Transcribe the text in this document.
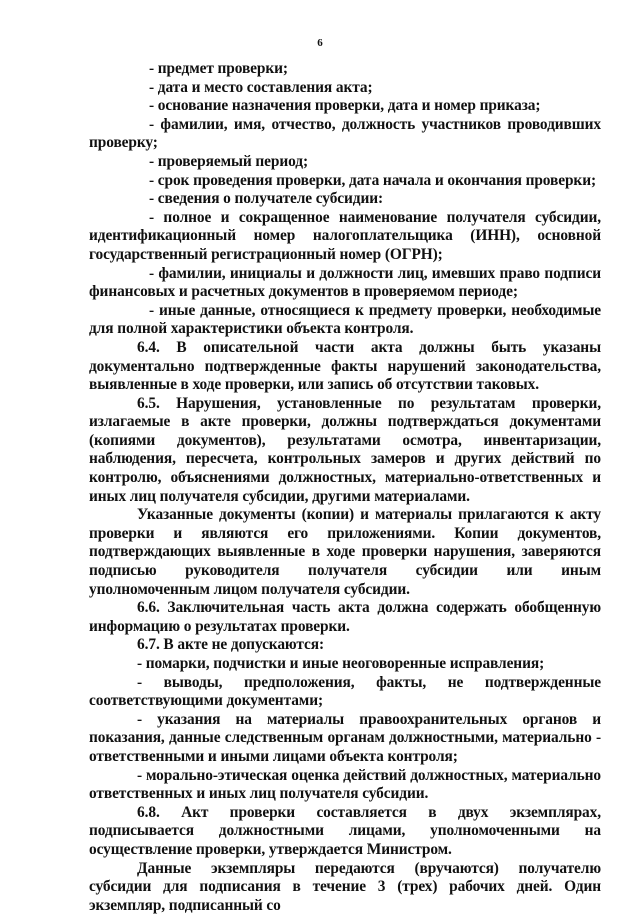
6

- предмет проверки;

- дата и место составления акта;

- основание назначения проверки, дата и номер приказа;

- фамилии, имя, отчество, должность участников проводивших проверку;

- проверяемый период;

- срок проведения проверки, дата начала и окончания проверки;

- сведения о получателе субсидии:

- полное и сокращенное наименование получателя субсидии, идентификационный номер налогоплательщика (ИНН), основной государственный регистрационный номер (ОГРН);

- фамилии, инициалы и должности лиц, имевших право подписи финансовых и расчетных документов в проверяемом периоде;

- иные данные, относящиеся к предмету проверки, необходимые для полной характеристики объекта контроля.

6.4. В описательной части акта должны быть указаны документально подтвержденные факты нарушений законодательства, выявленные в ходе проверки, или запись об отсутствии таковых.

6.5. Нарушения, установленные по результатам проверки, излагаемые в акте проверки, должны подтверждаться документами (копиями документов), результатами осмотра, инвентаризации, наблюдения, пересчета, контрольных замеров и других действий по контролю, объяснениями должностных, материально-ответственных и иных лиц получателя субсидии, другими материалами.

Указанные документы (копии) и материалы прилагаются к акту проверки и являются его приложениями. Копии документов, подтверждающих выявленные в ходе проверки нарушения, заверяются подписью руководителя получателя субсидии или иным уполномоченным лицом получателя субсидии.

6.6. Заключительная часть акта должна содержать обобщенную информацию о результатах проверки.

6.7. В акте не допускаются:

- помарки, подчистки и иные неоговоренные исправления;

- выводы, предположения, факты, не подтвержденные соответствующими документами;

- указания на материалы правоохранительных органов и показания, данные следственным органам должностными, материально - ответственными и иными лицами объекта контроля;

- морально-этическая оценка действий должностных, материально ответственных и иных лиц получателя субсидии.

6.8. Акт проверки составляется в двух экземплярах, подписывается должностными лицами, уполномоченными на осуществление проверки, утверждается Министром.

Данные экземпляры передаются (вручаются) получателю субсидии для подписания в течение 3 (трех) рабочих дней. Один экземпляр, подписанный со
